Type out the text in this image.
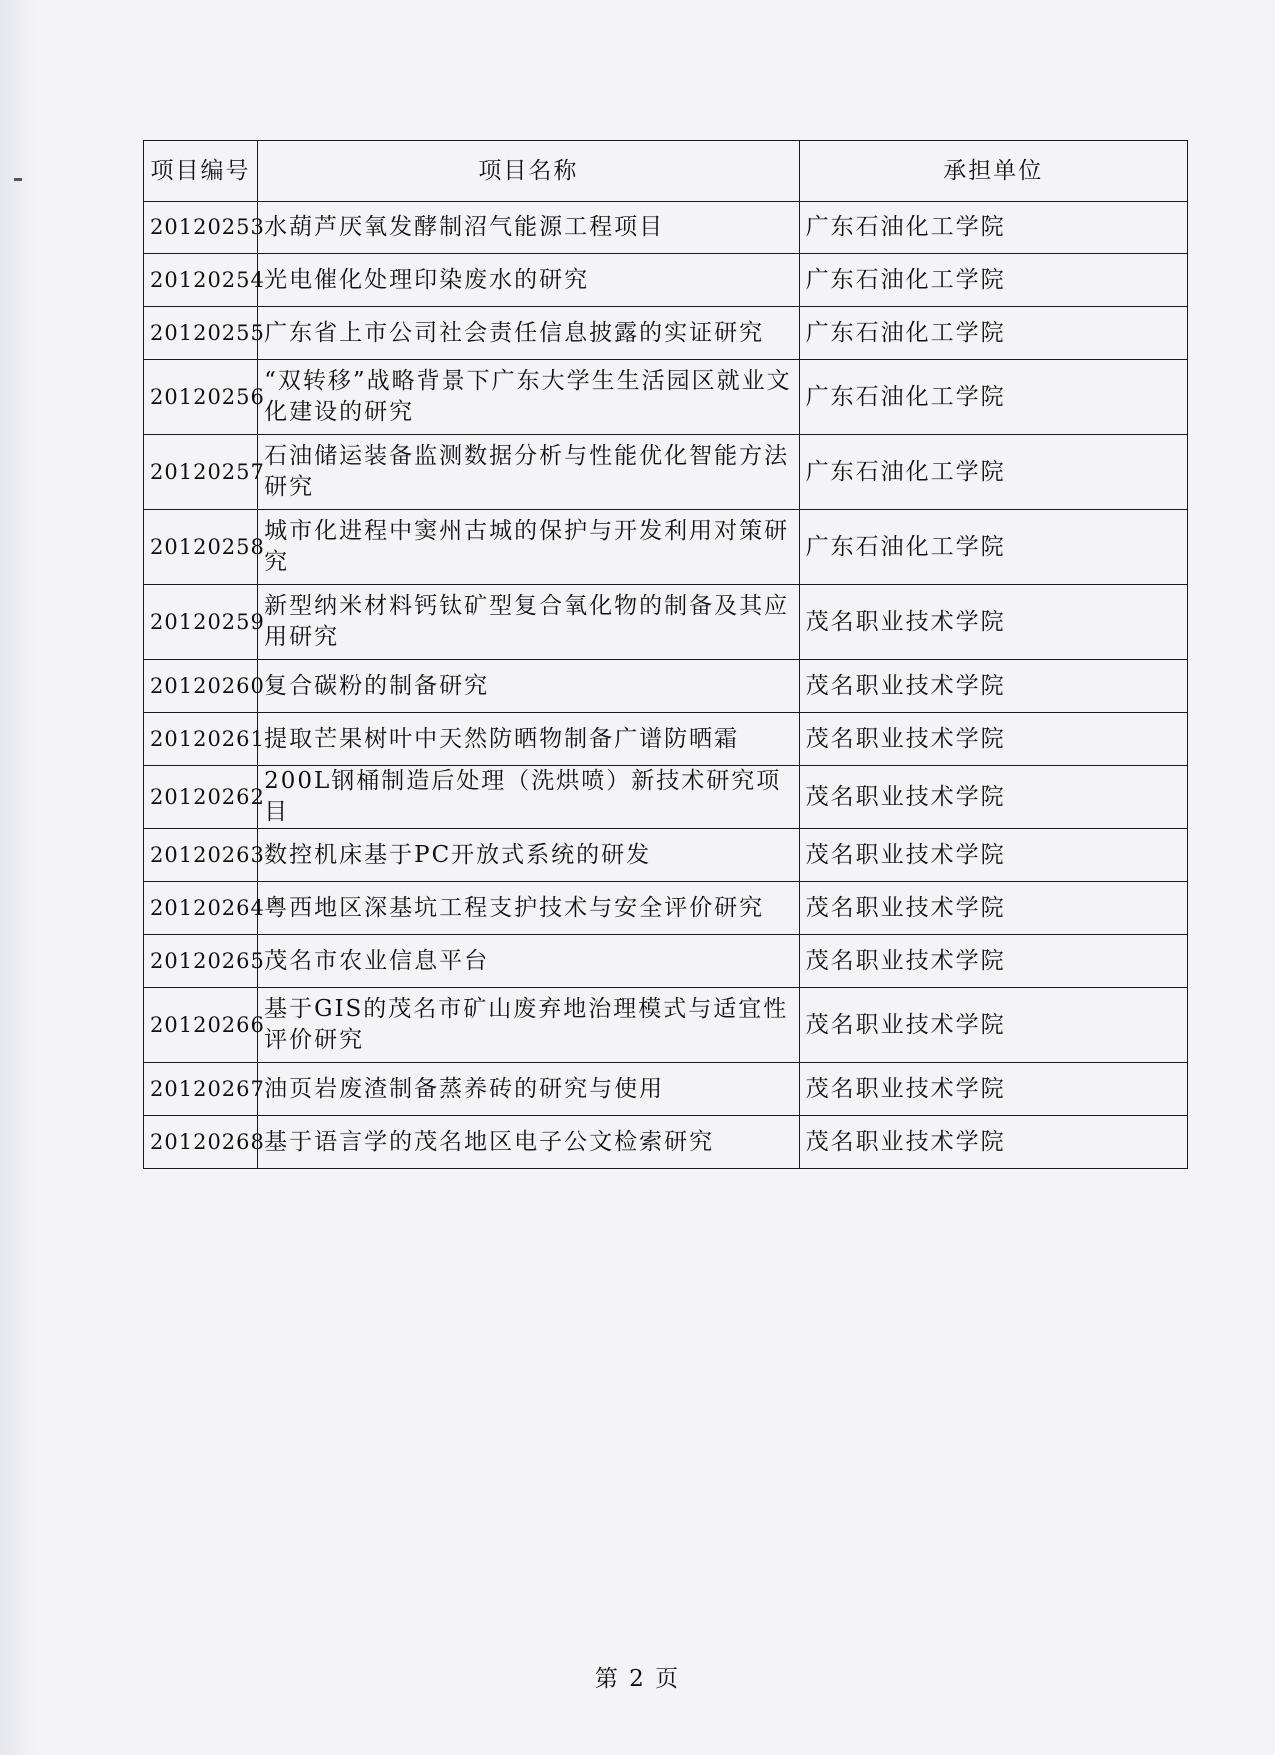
项目编号	项目名称	承担单位
20120253	水葫芦厌氧发酵制沼气能源工程项目	广东石油化工学院
20120254	光电催化处理印染废水的研究	广东石油化工学院
20120255	广东省上市公司社会责任信息披露的实证研究	广东石油化工学院
20120256	“双转移”战略背景下广东大学生生活园区就业文化建设的研究	广东石油化工学院
20120257	石油储运装备监测数据分析与性能优化智能方法研究	广东石油化工学院
20120258	城市化进程中窦州古城的保护与开发利用对策研究	广东石油化工学院
20120259	新型纳米材料钙钛矿型复合氧化物的制备及其应用研究	茂名职业技术学院
20120260	复合碳粉的制备研究	茂名职业技术学院
20120261	提取芒果树叶中天然防晒物制备广谱防晒霜	茂名职业技术学院
20120262	200L钢桶制造后处理（洗烘喷）新技术研究项目	茂名职业技术学院
20120263	数控机床基于PC开放式系统的研发	茂名职业技术学院
20120264	粤西地区深基坑工程支护技术与安全评价研究	茂名职业技术学院
20120265	茂名市农业信息平台	茂名职业技术学院
20120266	基于GIS的茂名市矿山废弃地治理模式与适宜性评价研究	茂名职业技术学院
20120267	油页岩废渣制备蒸养砖的研究与使用	茂名职业技术学院
20120268	基于语言学的茂名地区电子公文检索研究	茂名职业技术学院
第 2 页
